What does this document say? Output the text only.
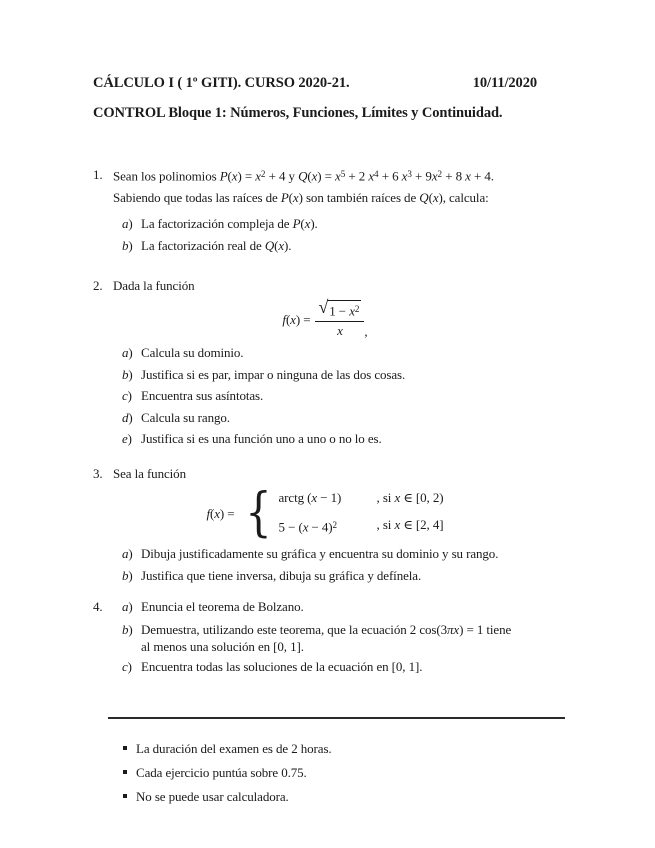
CÁLCULO I ( 1º GITI). CURSO 2020-21.	10/11/2020
CONTROL Bloque 1: Números, Funciones, Límites y Continuidad.
1. Sean los polinomios $P(x) = x^2 + 4$ y $Q(x) = x^5 + 2$ $x^4 + 6$ $x^3 + 9x^2 + 8$ x + 4.
Sabiendo que todas las raíces de P(x) son también raíces de Q(x), calcula:
a) La factorización compleja de P(x).
b) La factorización real de Q(x).
2. Dada la función
$f(x) = \frac{√ 1 - x^2}{x}$ ,
a) Calcula su dominio.
b) Justifica si es par, impar o ninguna de las dos cosas.
c) Encuentra sus asíntotas.
d) Calcula su rango.
e) Justifica si es una función uno a uno o no lo es.
3. Sea la función
f(x) = { arctg (x − 1)	, si x ∈ [0, 2)
$5 - (x - 4)^2$	, si x ∈ [2, 4]
a) Dibuja justificadamente su gráfica y encuentra su dominio y su rango.
b) Justifica que tiene inversa, dibuja su gráfica y defínela.
4. a) Enuncia el teorema de Bolzano.
b) Demuestra, utilizando este teorema, que la ecuación 2 cos(3πx) = 1 tiene
al menos una solución en [0, 1].
c) Encuentra todas las soluciones de la ecuación en [0, 1].
La duración del examen es de 2 horas.
Cada ejercicio puntúa sobre 0.75.
No se puede usar calculadora.
